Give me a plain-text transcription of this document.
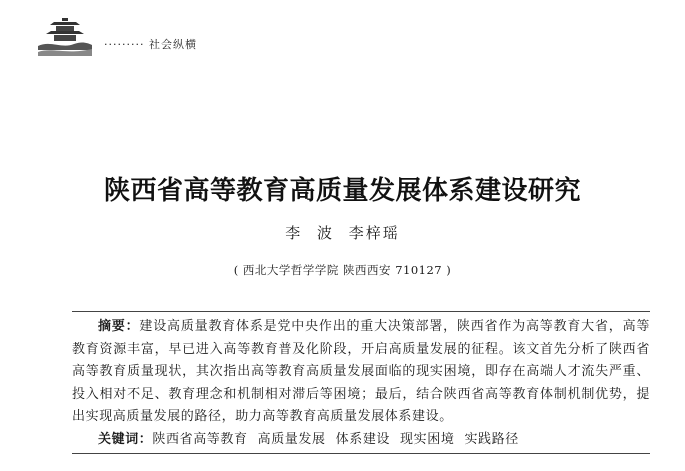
········· 社会纵横
陕西省高等教育高质量发展体系建设研究
李 波 李梓瑶
( 西北大学哲学学院 陕西西安 710127 )
摘要：建设高质量教育体系是党中央作出的重大决策部署，陕西省作为高等教育大省，高等教育资源丰富，早已进入高等教育普及化阶段，开启高质量发展的征程。该文首先分析了陕西省高等教育质量现状，其次指出高等教育高质量发展面临的现实困境，即存在高端人才流失严重、投入相对不足、教育理念和机制相对滞后等困境；最后，结合陕西省高等教育体制机制优势，提出实现高质量发展的路径，助力高等教育高质量发展体系建设。
关键词：陕西省高等教育 高质量发展 体系建设 现实困境 实践路径
